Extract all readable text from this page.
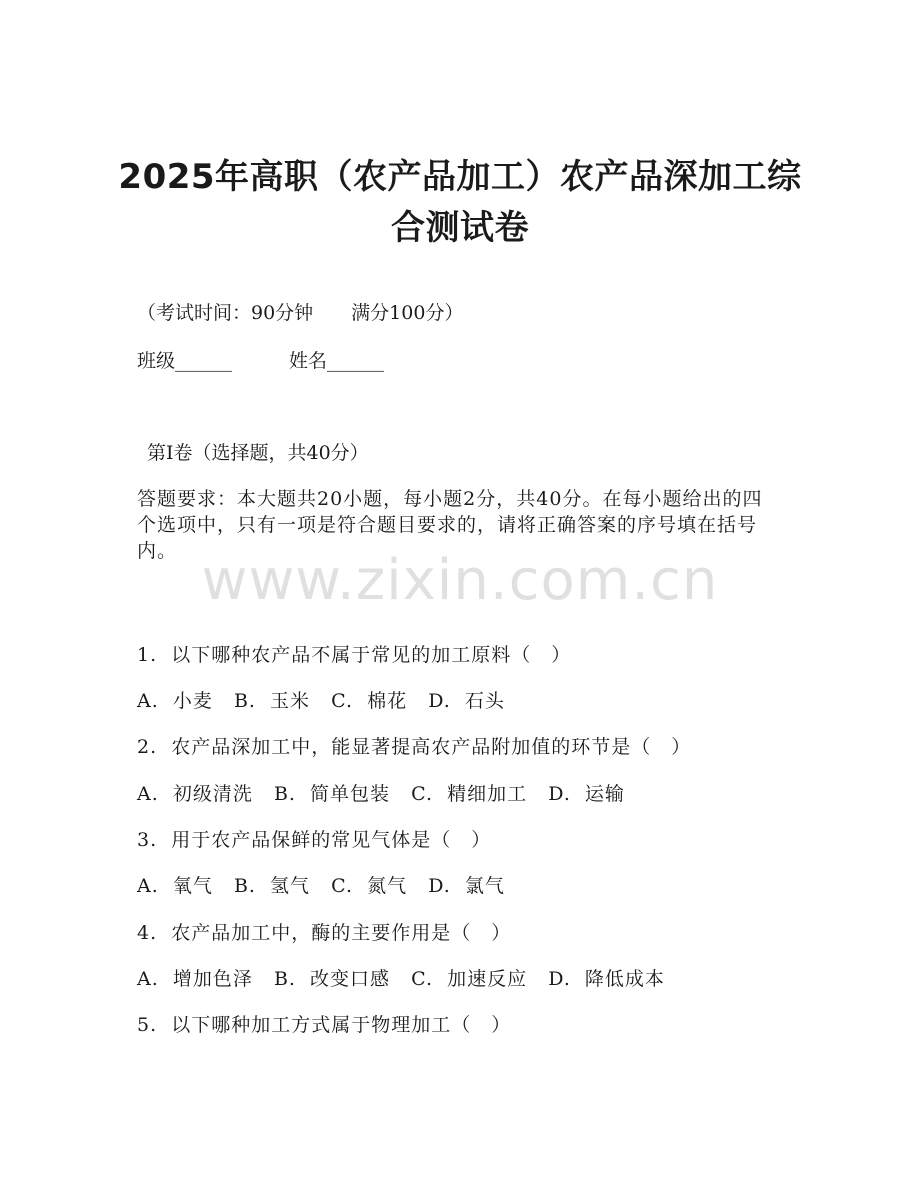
2025年高职（农产品加工）农产品深加工综
合测试卷
（考试时间：90分钟　　满分100分）
班级______　　　姓名______
第Ⅰ卷（选择题，共40分）
答题要求：本大题共20小题，每小题2分，共40分。在每小题给出的四个选项中，只有一项是符合题目要求的，请将正确答案的序号填在括号内。 www.zixin.com.cn
1.  以下哪种农产品不属于常见的加工原料（　）
A.  小麦   B.  玉米   C.  棉花   D.  石头
2.  农产品深加工中，能显著提高农产品附加值的环节是（　）
A.  初级清洗   B.  简单包装   C.  精细加工   D.  运输
3.  用于农产品保鲜的常见气体是（　）
A.  氧气   B.  氢气   C.  氮气   D.  氯气
4.  农产品加工中，酶的主要作用是（　）
A.  增加色泽   B.  改变口感   C.  加速反应   D.  降低成本
5.  以下哪种加工方式属于物理加工（　）
